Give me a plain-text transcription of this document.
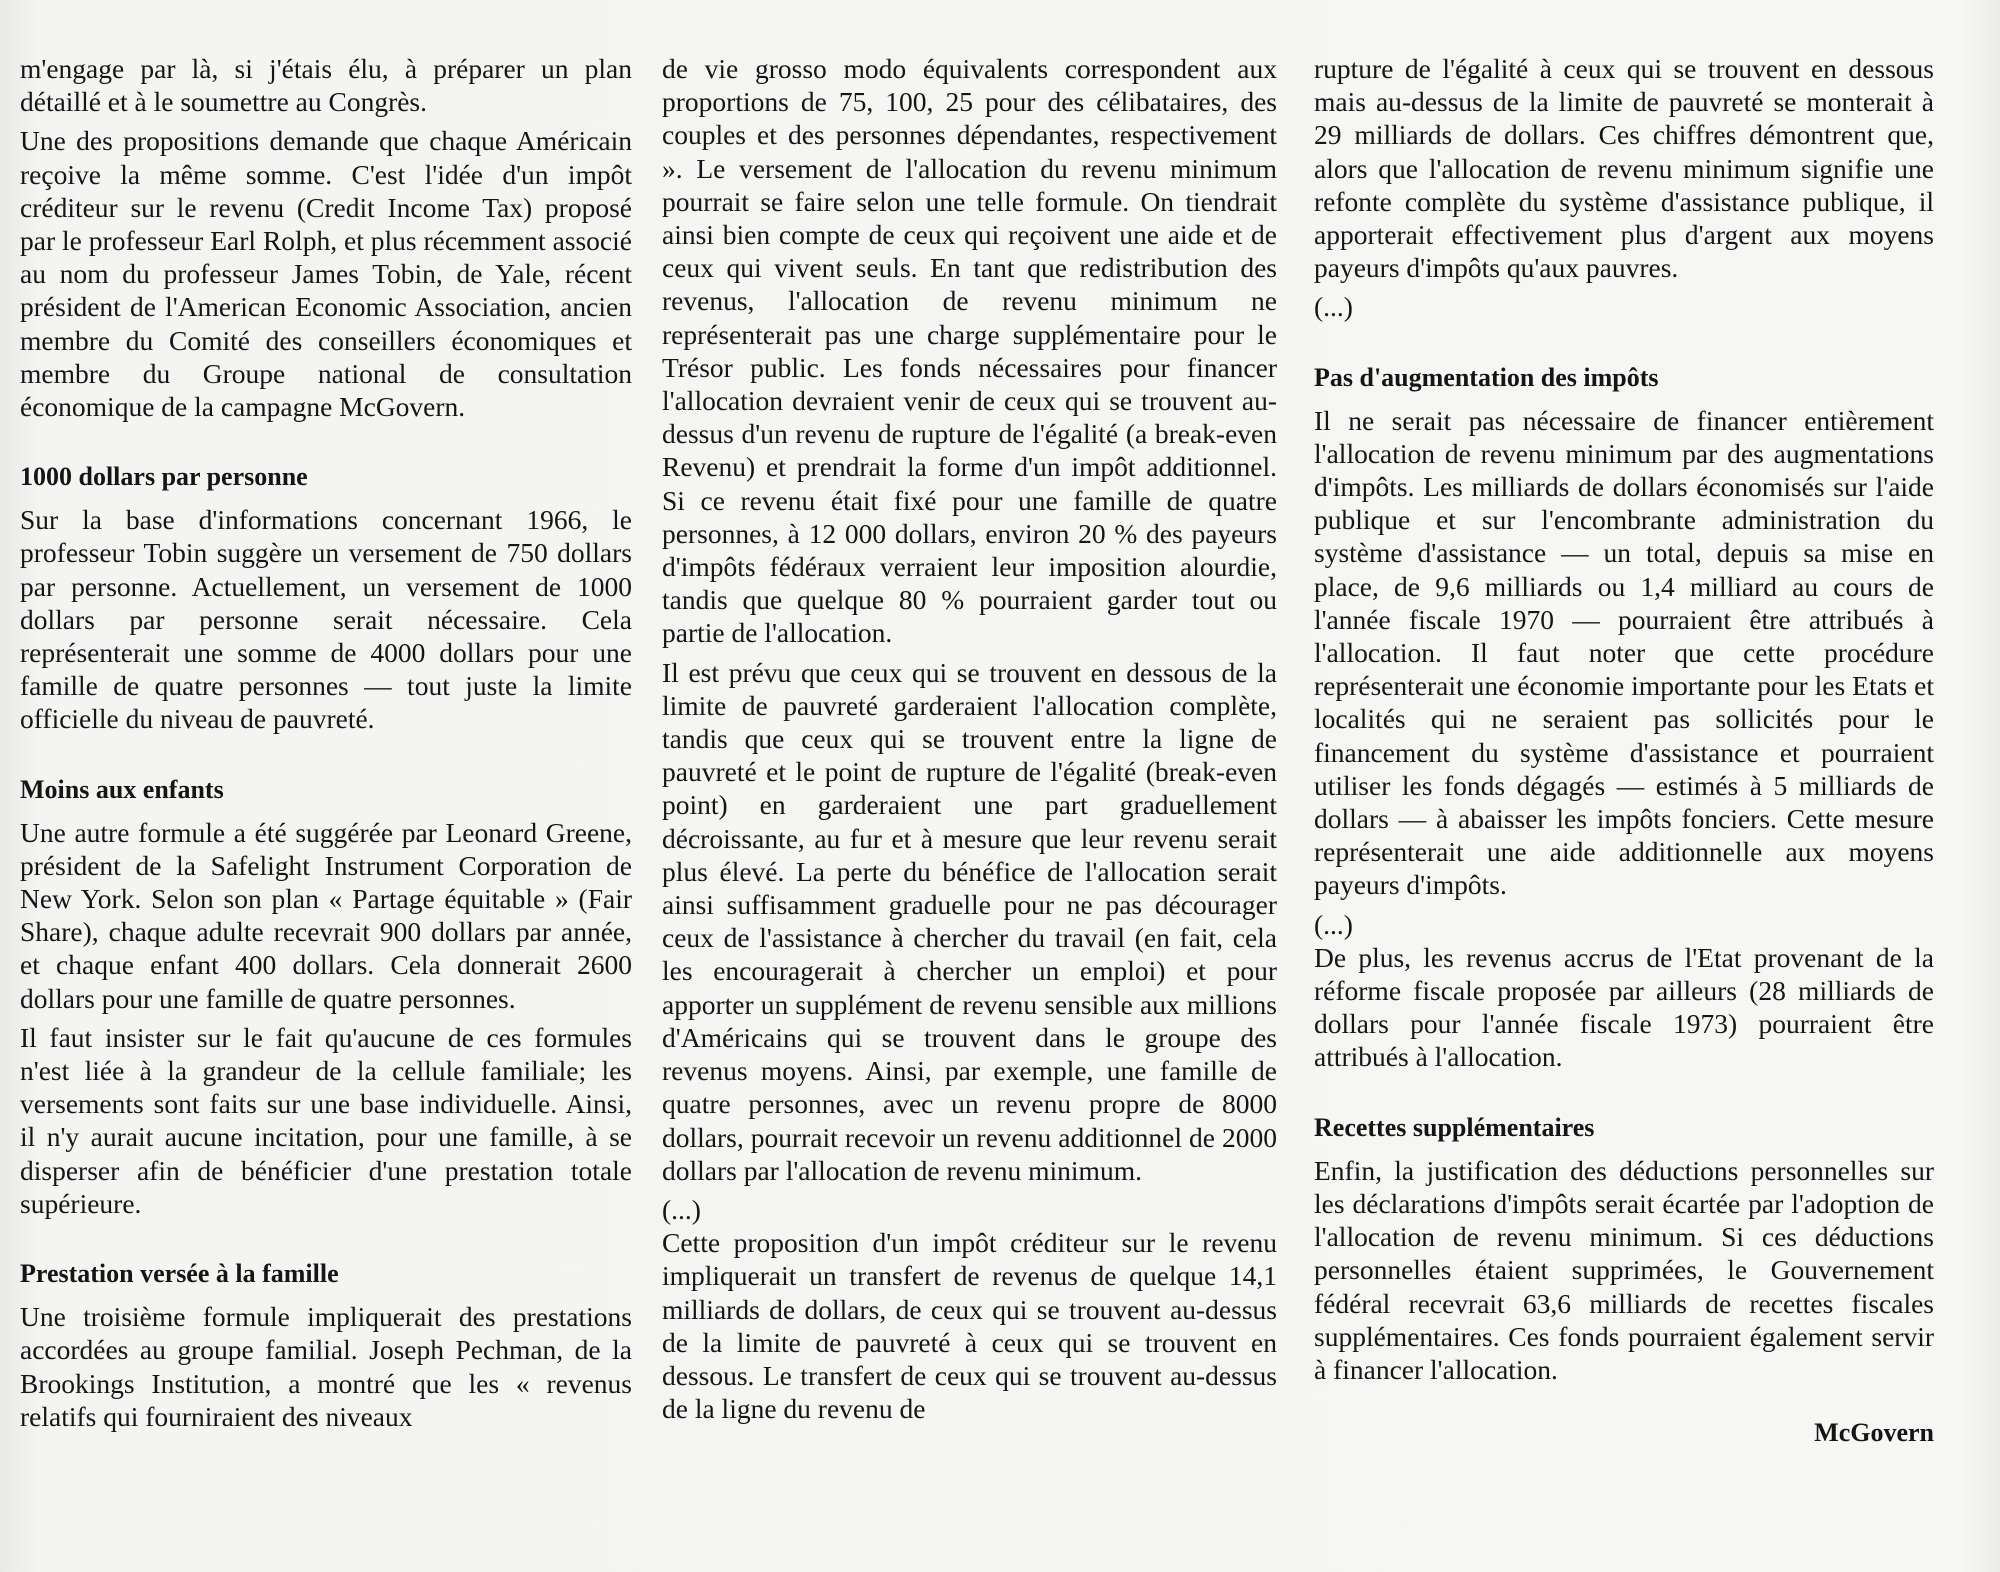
m'engage par là, si j'étais élu, à préparer un plan détaillé et à le soumettre au Congrès.

Une des propositions demande que chaque Américain reçoive la même somme. C'est l'idée d'un impôt créditeur sur le revenu (Credit Income Tax) proposé par le professeur Earl Rolph, et plus récemment associé au nom du professeur James Tobin, de Yale, récent président de l'American Economic Association, ancien membre du Comité des conseillers économiques et membre du Groupe national de consultation économique de la campagne McGovern.

1000 dollars par personne

Sur la base d'informations concernant 1966, le professeur Tobin suggère un versement de 750 dollars par personne. Actuellement, un versement de 1000 dollars par personne serait nécessaire. Cela représenterait une somme de 4000 dollars pour une famille de quatre personnes — tout juste la limite officielle du niveau de pauvreté.

Moins aux enfants

Une autre formule a été suggérée par Leonard Greene, président de la Safelight Instrument Corporation de New York. Selon son plan « Partage équitable » (Fair Share), chaque adulte recevrait 900 dollars par année, et chaque enfant 400 dollars. Cela donnerait 2600 dollars pour une famille de quatre personnes.

Il faut insister sur le fait qu'aucune de ces formules n'est liée à la grandeur de la cellule familiale; les versements sont faits sur une base individuelle. Ainsi, il n'y aurait aucune incitation, pour une famille, à se disperser afin de bénéficier d'une prestation totale supérieure.

Prestation versée à la famille

Une troisième formule impliquerait des prestations accordées au groupe familial. Joseph Pechman, de la Brookings Institution, a montré que les « revenus relatifs qui fourniraient des niveaux

de vie grosso modo équivalents correspondent aux proportions de 75, 100, 25 pour des célibataires, des couples et des personnes dépendantes, respectivement ». Le versement de l'allocation du revenu minimum pourrait se faire selon une telle formule. On tiendrait ainsi bien compte de ceux qui reçoivent une aide et de ceux qui vivent seuls. En tant que redistribution des revenus, l'allocation de revenu minimum ne représenterait pas une charge supplémentaire pour le Trésor public. Les fonds nécessaires pour financer l'allocation devraient venir de ceux qui se trouvent au-dessus d'un revenu de rupture de l'égalité (a break-even Revenu) et prendrait la forme d'un impôt additionnel. Si ce revenu était fixé pour une famille de quatre personnes, à 12 000 dollars, environ 20 % des payeurs d'impôts fédéraux verraient leur imposition alourdie, tandis que quelque 80 % pourraient garder tout ou partie de l'allocation.

Il est prévu que ceux qui se trouvent en dessous de la limite de pauvreté garderaient l'allocation complète, tandis que ceux qui se trouvent entre la ligne de pauvreté et le point de rupture de l'égalité (break-even point) en garderaient une part graduellement décroissante, au fur et à mesure que leur revenu serait plus élevé. La perte du bénéfice de l'allocation serait ainsi suffisamment graduelle pour ne pas décourager ceux de l'assistance à chercher du travail (en fait, cela les encouragerait à chercher un emploi) et pour apporter un supplément de revenu sensible aux millions d'Américains qui se trouvent dans le groupe des revenus moyens. Ainsi, par exemple, une famille de quatre personnes, avec un revenu propre de 8000 dollars, pourrait recevoir un revenu additionnel de 2000 dollars par l'allocation de revenu minimum.

(...)

Cette proposition d'un impôt créditeur sur le revenu impliquerait un transfert de revenus de quelque 14,1 milliards de dollars, de ceux qui se trouvent au-dessus de la limite de pauvreté à ceux qui se trouvent en dessous. Le transfert de ceux qui se trouvent au-dessus de la ligne du revenu de

rupture de l'égalité à ceux qui se trouvent en dessous mais au-dessus de la limite de pauvreté se monterait à 29 milliards de dollars. Ces chiffres démontrent que, alors que l'allocation de revenu minimum signifie une refonte complète du système d'assistance publique, il apporterait effectivement plus d'argent aux moyens payeurs d'impôts qu'aux pauvres.

(...)

Pas d'augmentation des impôts

Il ne serait pas nécessaire de financer entièrement l'allocation de revenu minimum par des augmentations d'impôts. Les milliards de dollars économisés sur l'aide publique et sur l'encombrante administration du système d'assistance — un total, depuis sa mise en place, de 9,6 milliards ou 1,4 milliard au cours de l'année fiscale 1970 — pourraient être attribués à l'allocation. Il faut noter que cette procédure représenterait une économie importante pour les Etats et localités qui ne seraient pas sollicités pour le financement du système d'assistance et pourraient utiliser les fonds dégagés — estimés à 5 milliards de dollars — à abaisser les impôts fonciers. Cette mesure représenterait une aide additionnelle aux moyens payeurs d'impôts.

(...)

De plus, les revenus accrus de l'Etat provenant de la réforme fiscale proposée par ailleurs (28 milliards de dollars pour l'année fiscale 1973) pourraient être attribués à l'allocation.

Recettes supplémentaires

Enfin, la justification des déductions personnelles sur les déclarations d'impôts serait écartée par l'adoption de l'allocation de revenu minimum. Si ces déductions personnelles étaient supprimées, le Gouvernement fédéral recevrait 63,6 milliards de recettes fiscales supplémentaires. Ces fonds pourraient également servir à financer l'allocation.

McGovern
